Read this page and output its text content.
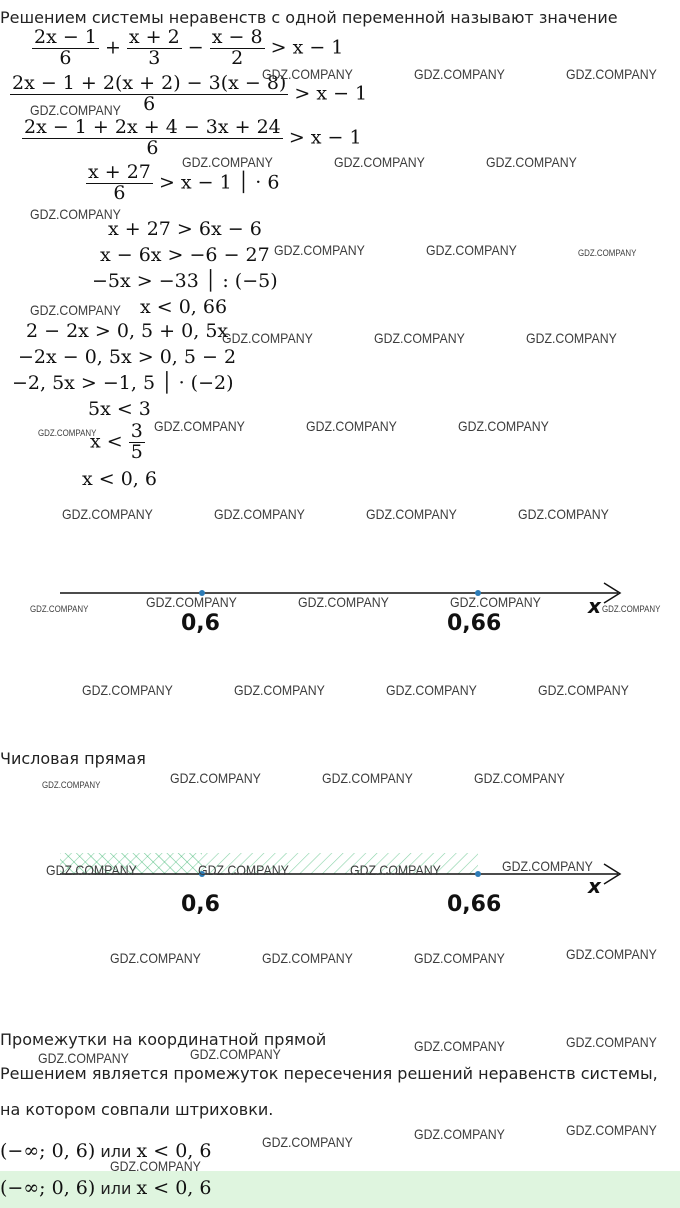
Решением системы неравенств с одной переменной называют значение
$\frac{2x - 1}{6} + \frac{x + 2}{3} - \frac{x - 8}{2} > x - 1$
$\frac{2x - 1 + 2(x + 2) - 3(x - 8)}{6} > x - 1$
$\frac{2x - 1 + 2x + 4 - 3x + 24}{6} > x - 1$
$\frac{x + 27}{6} > x - 1$ │ · 6
x + 27 > 6x − 6
x − 6x > −6 − 27
−5x > −33 │ : (−5)
x < 0, 66
2 − 2x > 0, 5 + 0, 5x
−2x − 0, 5x > 0, 5 − 2
−2, 5x > −1, 5 │ · (−2)
5x < 3
$x < \frac{3}{5}$
x < 0, 6
0,6	0,66
x
Числовая прямая
0,6	0,66
x
Промежутки на координатной прямой
Решением является промежуток пересечения решений неравенств системы,
на котором совпали штриховки.
(−∞; 0, 6) или x < 0, 6
(−∞; 0, 6) или x < 0, 6
GDZ.COMPANY	GDZ.COMPANY	GDZ.COMPANY
GDZ.COMPANY
GDZ.COMPANY	GDZ.COMPANY	GDZ.COMPANY
GDZ.COMPANY
GDZ.COMPANY	GDZ.COMPANY	GDZ.COMPANY
GDZ.COMPANY
GDZ.COMPANY	GDZ.COMPANY	GDZ.COMPANY
GDZ.COMPANY	GDZ.COMPANY	GDZ.COMPANY	GDZ.COMPANY
GDZ.COMPANY	GDZ.COMPANY	GDZ.COMPANY	GDZ.COMPANY
GDZ.COMPANY	GDZ.COMPANY	GDZ.COMPANY	GDZ.COMPANY	GDZ.COMPANY
GDZ.COMPANY	GDZ.COMPANY	GDZ.COMPANY	GDZ.COMPANY
GDZ.COMPANY	GDZ.COMPANY	GDZ.COMPANY	GDZ.COMPANY
GDZ.COMPANY	GDZ.COMPANY	GDZ.COMPANY	GDZ.COMPANY
GDZ.COMPANY	GDZ.COMPANY	GDZ.COMPANY	GDZ.COMPANY
GDZ.COMPANY	GDZ.COMPANY	GDZ.COMPANY	GDZ.COMPANY
GDZ.COMPANY	GDZ.COMPANY	GDZ.COMPANY
GDZ.COMPANY
